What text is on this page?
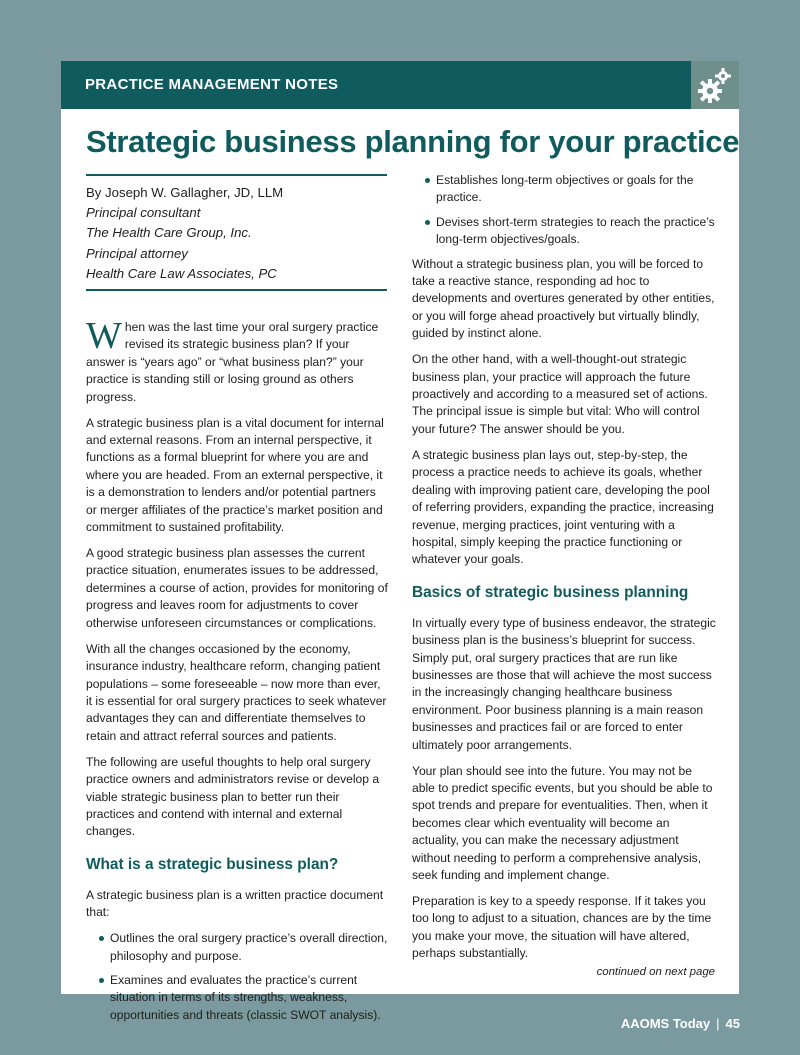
PRACTICE MANAGEMENT NOTES
Strategic business planning for your practice
By Joseph W. Gallagher, JD, LLM
Principal consultant
The Health Care Group, Inc.
Principal attorney
Health Care Law Associates, PC

When was the last time your oral surgery practice revised its strategic business plan? If your answer is “years ago” or “what business plan?” your practice is standing still or losing ground as others progress.

A strategic business plan is a vital document for internal and external reasons. From an internal perspective, it functions as a formal blueprint for where you are and where you are headed. From an external perspective, it is a demonstration to lenders and/or potential partners or merger affiliates of the practice’s market position and commitment to sustained profitability.

A good strategic business plan assesses the current practice situation, enumerates issues to be addressed, determines a course of action, provides for monitoring of progress and leaves room for adjustments to cover otherwise unforeseen circumstances or complications.

With all the changes occasioned by the economy, insurance industry, healthcare reform, changing patient populations – some foreseeable – now more than ever, it is essential for oral surgery practices to seek whatever advantages they can and differentiate themselves to retain and attract referral sources and patients.

The following are useful thoughts to help oral surgery practice owners and administrators revise or develop a viable strategic business plan to better run their practices and contend with internal and external changes.

What is a strategic business plan?

A strategic business plan is a written practice document that:

Outlines the oral surgery practice’s overall direction, philosophy and purpose.
Examines and evaluates the practice’s current situation in terms of its strengths, weakness, opportunities and threats (classic SWOT analysis).
Establishes long-term objectives or goals for the practice.
Devises short-term strategies to reach the practice’s long-term objectives/goals.

Without a strategic business plan, you will be forced to take a reactive stance, responding ad hoc to developments and overtures generated by other entities, or you will forge ahead proactively but virtually blindly, guided by instinct alone.

On the other hand, with a well-thought-out strategic business plan, your practice will approach the future proactively and according to a measured set of actions. The principal issue is simple but vital: Who will control your future? The answer should be you.

A strategic business plan lays out, step-by-step, the process a practice needs to achieve its goals, whether dealing with improving patient care, developing the pool of referring providers, expanding the practice, increasing revenue, merging practices, joint venturing with a hospital, simply keeping the practice functioning or whatever your goals.

Basics of strategic business planning

In virtually every type of business endeavor, the strategic business plan is the business’s blueprint for success. Simply put, oral surgery practices that are run like businesses are those that will achieve the most success in the increasingly changing healthcare business environment. Poor business planning is a main reason businesses and practices fail or are forced to enter ultimately poor arrangements.

Your plan should see into the future. You may not be able to predict specific events, but you should be able to spot trends and prepare for eventualities. Then, when it becomes clear which eventuality will become an actuality, you can make the necessary adjustment without needing to perform a comprehensive analysis, seek funding and implement change.

Preparation is key to a speedy response. If it takes you too long to adjust to a situation, chances are by the time you make your move, the situation will have altered, perhaps substantially.

continued on next page
AAOMS Today | 45
